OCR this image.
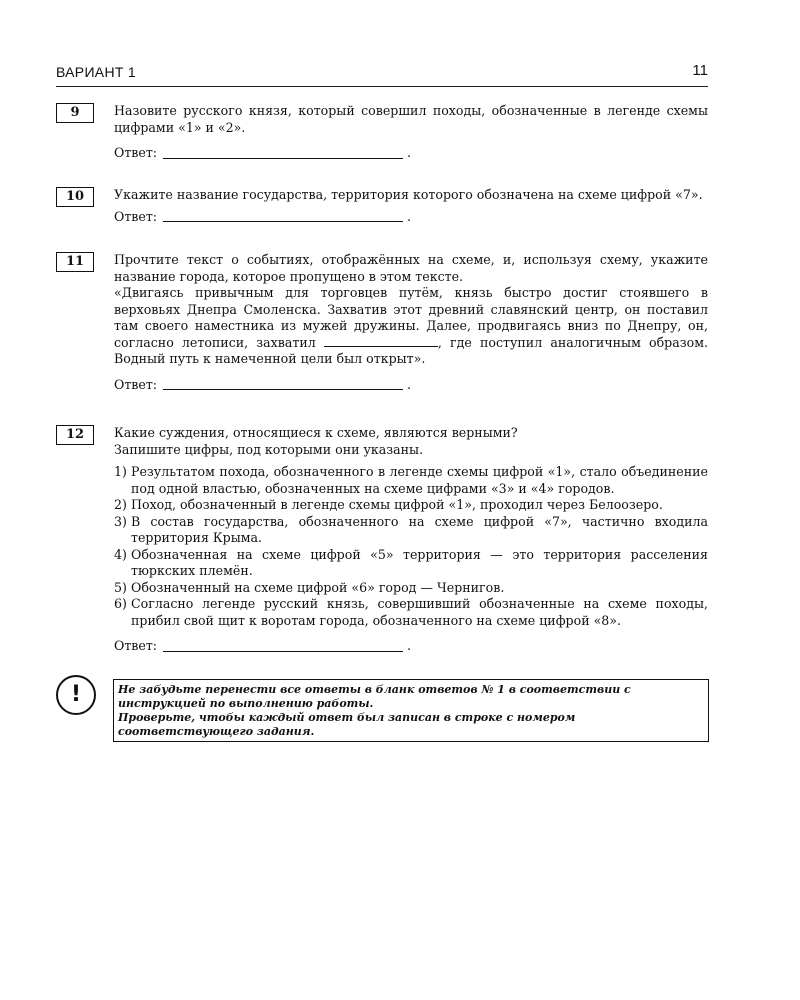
ВАРИАНТ 1	11
9	Назовите русского князя, который совершил походы, обозначенные в легенде схемы цифрами «1» и «2».

Ответ:	.
10	Укажите название государства, территория которого обозначена на схеме цифрой «7».

Ответ:	.
11	Прочтите текст о событиях, отображённых на схеме, и, используя схему, укажите название города, которое пропущено в этом тексте.

«Двигаясь привычным для торговцев путём, князь быстро достиг стоявшего в верховьях Днепра Смоленска. Захватив этот древний славянский центр, он поставил там своего наместника из мужей дружины. Далее, продвигаясь вниз по Днепру, он, согласно летописи, захватил	, где поступил аналогичным образом. Водный путь к намеченной цели был открыт».

Ответ:	.
12	Какие суждения, относящиеся к схеме, являются верными?

Запишите цифры, под которыми они указаны.

1) Результатом похода, обозначенного в легенде схемы цифрой «1», стало объединение под одной властью, обозначенных на схеме цифрами «3» и «4» городов.
2) Поход, обозначенный в легенде схемы цифрой «1», проходил через Белоозеро.
3) В состав государства, обозначенного на схеме цифрой «7», частично входила территория Крыма.
4) Обозначенная на схеме цифрой «5» территория — это территория расселения тюркских племён.
5) Обозначенный на схеме цифрой «6» город — Чернигов.
6) Согласно легенде русский князь, совершивший обозначенные на схеме походы, прибил свой щит к воротам города, обозначенного на схеме цифрой «8».
Ответ:	.
!	Не забудьте перенести все ответы в бланк ответов № 1 в соответствии с инструкцией по выполнению работы.

Проверьте, чтобы каждый ответ был записан в строке с номером соответствующего задания.
